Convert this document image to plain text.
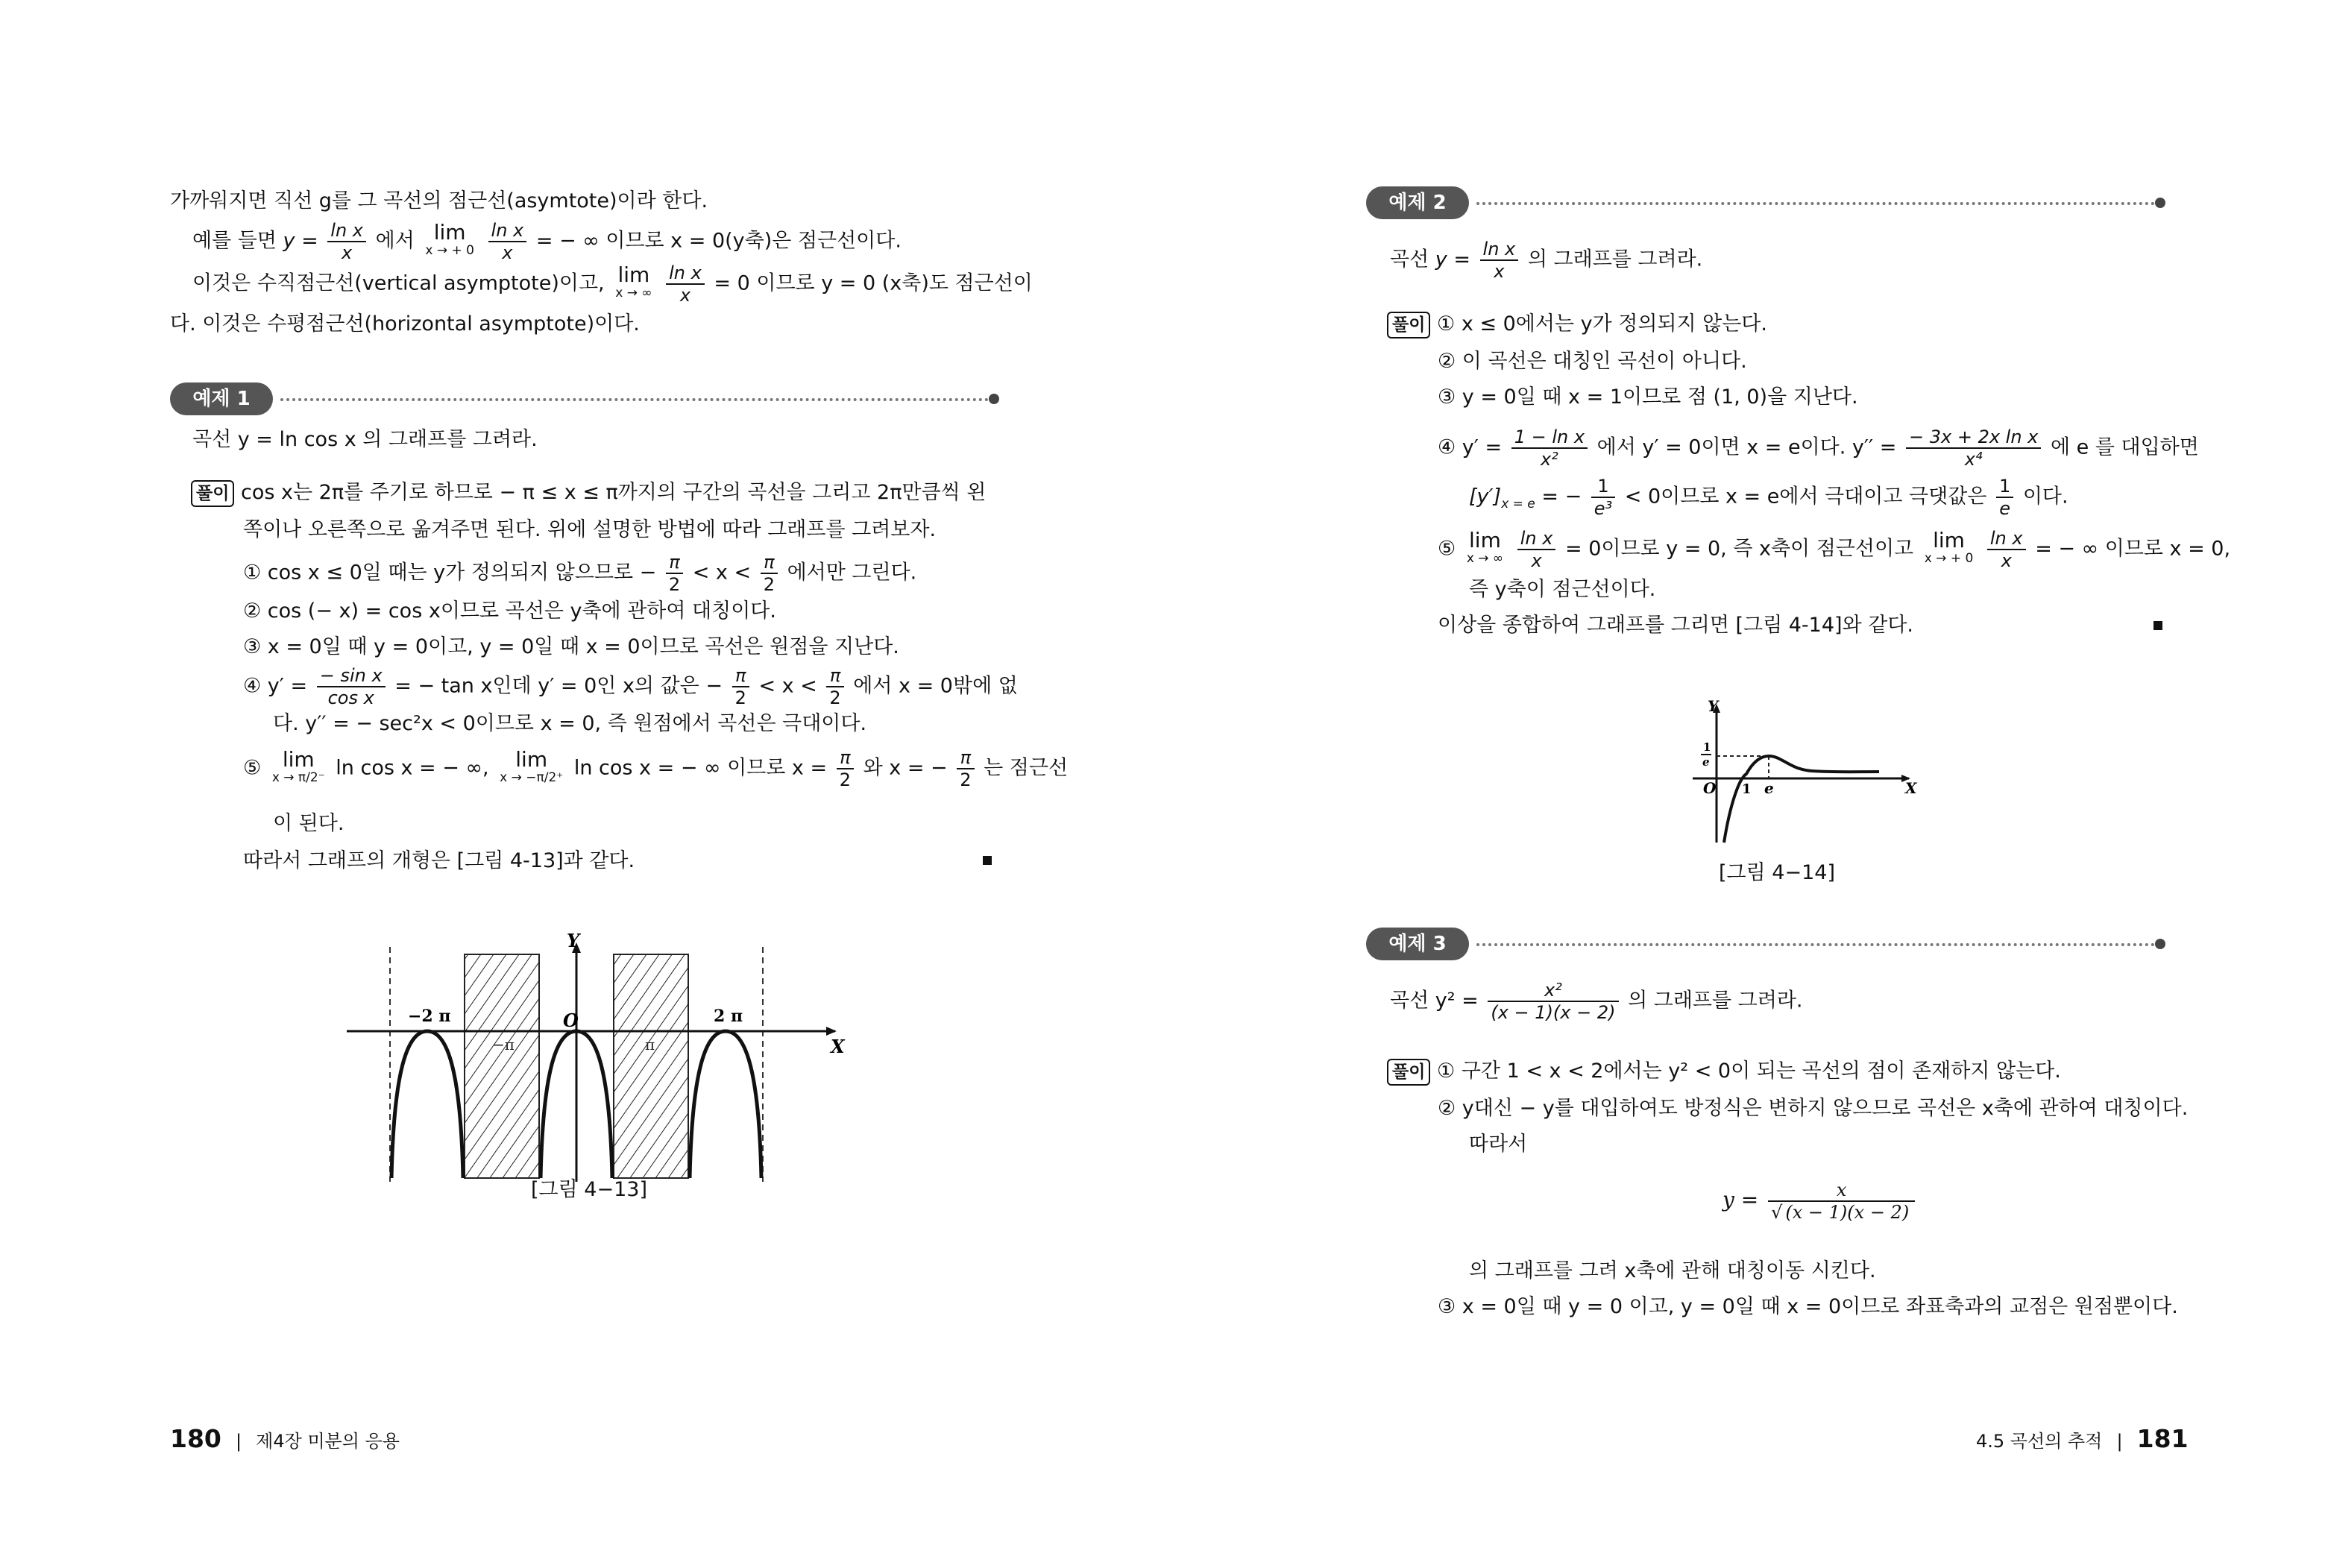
가까워지면 직선 g를 그 곡선의 점근선(asymtote)이라 한다.
예를 들면 $y = \frac{\text{ln x}}{x}$ 에서 lim
x → + 0
$\frac{\text{ln x}}{x}$ = − ∞ 이므로 x = 0(y축)은 점근선이다.
이것은 수직점근선(vertical asymptote)이고, lim
x → ∞
$\frac{\text{ln x}}{x} = 0$ 이므로 y = 0 (x축)도 점근선이
다. 이것은 수평점근선(horizontal asymptote)이다.
예제 1
곡선 y = ln cos x 의 그래프를 그려라.
풀이 cos x는 2π를 주기로 하므로 − π ≤ x ≤ π까지의 구간의 곡선을 그리고 2π만큼씩 왼
쪽이나 오른쪽으로 옮겨주면 된다. 위에 설명한 방법에 따라 그래프를 그려보자.
① cos x ≤ 0일 때는 y가 정의되지 않으므로 − $\frac{\pi}{2} < x < \frac{\pi}{2}$ 에서만 그린다.
② cos (− x) = cos x이므로 곡선은 y축에 관하여 대칭이다.
③ x = 0일 때 y = 0이고, y = 0일 때 x = 0이므로 곡선은 원점을 지난다.
④ $y' = \frac{\text{− sin x}}{\text{cos x}}$ = − tan x인데 y′ = 0인 x의 값은 − $\frac{\pi}{2} < x < \frac{\pi}{2}$ 에서 x = 0밖에 없
다. y′′ = − sec²x < 0이므로 x = 0, 즉 원점에서 곡선은 극대이다.
⑤	lim
x → π/2⁻ ln cos x = − ∞,	lim
x → −π/2⁺ ln cos x = − ∞ 이므로 $x = \frac{\pi}{2}$ 와 x = − $\frac{\pi}{2}$ 는 점근선
이 된다.
따라서 그래프의 개형은 [그림 4-13]과 같다.
Y
X
O
−2 π	2 π
−π	π
[그림 4−13]
180 | 제4장 미분의 응용
예제 2
곡선 $y = \frac{\text{ln x}}{x}$ 의 그래프를 그려라.
풀이 ① x ≤ 0에서는 y가 정의되지 않는다.
② 이 곡선은 대칭인 곡선이 아니다.
③ y = 0일 때 x = 1이므로 점 (1, 0)을 지난다.
④ $y' = \frac{\text{1 − ln x}}{\text{x²}}$ 에서 y′ = 0이면 x = e이다. $y'' = \frac{\text{− 3x + 2x ln x}}{\text{x⁴}}$ 에 e 를 대입하면
$[y']_{x = e}$ = − $\frac{1}{\text{e³}} < 0$이므로 x = e에서 극대이고 극댓값은 $\frac{1}{e}$ 이다.
⑤ lim
x → ∞
$\frac{\text{ln x}}{x} = 0$이므로 y = 0, 즉 x축이 점근선이고 lim
x → + 0
$\frac{\text{ln x}}{x}$ = − ∞ 이므로 x = 0,
즉 y축이 점근선이다.
이상을 종합하여 그래프를 그리면 [그림 4-14]와 같다.
Y
X
O 1 e
1
e
[그림 4−14]
예제 3
곡선 $y^2 = \frac{\text{x²}}{(x - 1)(x - 2)}$ 의 그래프를 그려라.
풀이 ① 구간 1 < x < 2에서는 y² < 0이 되는 곡선의 점이 존재하지 않는다.
② y대신 − y를 대입하여도 방정식은 변하지 않으므로 곡선은 x축에 관하여 대칭이다.
따라서
$y = \frac{x}{√ (x - 1)(x - 2)}$
의 그래프를 그려 x축에 관해 대칭이동 시킨다.
③ x = 0일 때 y = 0 이고, y = 0일 때 x = 0이므로 좌표축과의 교점은 원점뿐이다.
4.5 곡선의 추적 | 181
